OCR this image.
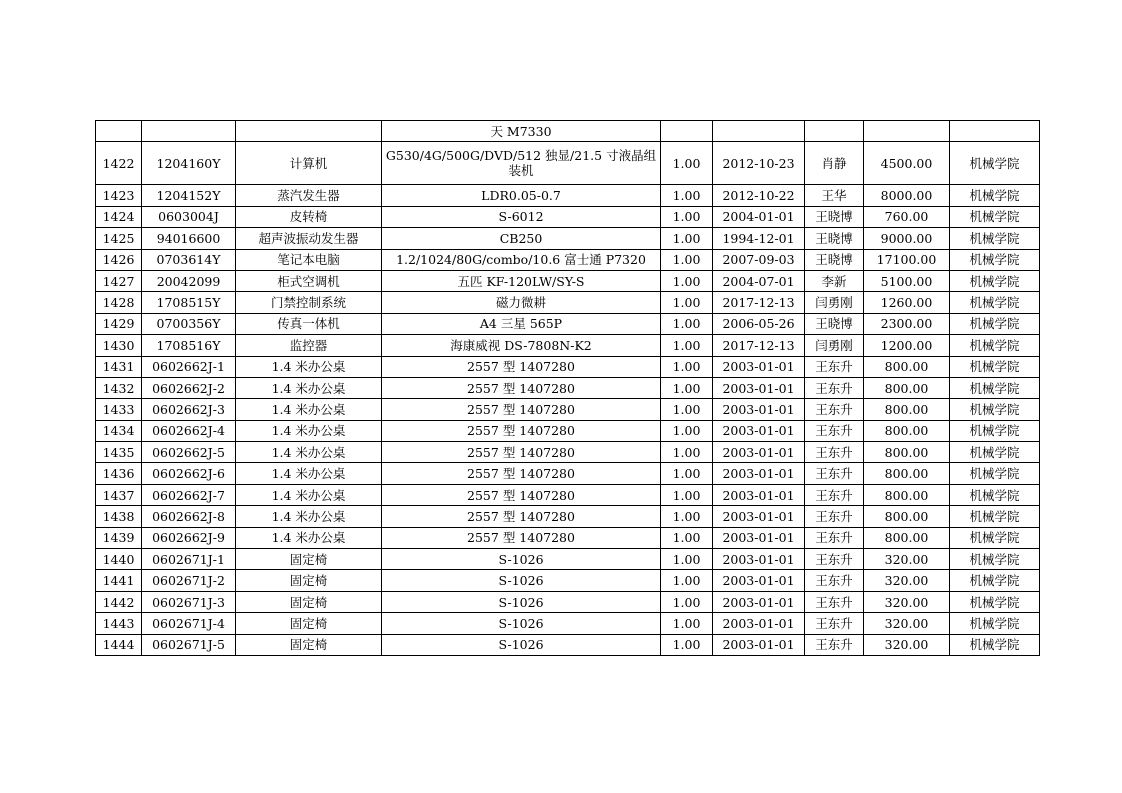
			天 M7330					
1422	1204160Y	计算机	G530/4G/500G/DVD/512 独显/21.5 寸液晶组装机	1.00	2012-10-23	肖静	4500.00	机械学院
1423	1204152Y	蒸汽发生器	LDR0.05-0.7	1.00	2012-10-22	王华	8000.00	机械学院
1424	0603004J	皮转椅	S-6012	1.00	2004-01-01	王晓博	760.00	机械学院
1425	94016600	超声波振动发生器	CB250	1.00	1994-12-01	王晓博	9000.00	机械学院
1426	0703614Y	笔记本电脑	1.2/1024/80G/combo/10.6 富士通 P7320	1.00	2007-09-03	王晓博	17100.00	机械学院
1427	20042099	柜式空调机	五匹 KF-120LW/SY-S	1.00	2004-07-01	李新	5100.00	机械学院
1428	1708515Y	门禁控制系统	磁力微耕	1.00	2017-12-13	闫勇刚	1260.00	机械学院
1429	0700356Y	传真一体机	A4 三星 565P	1.00	2006-05-26	王晓博	2300.00	机械学院
1430	1708516Y	监控器	海康威视 DS-7808N-K2	1.00	2017-12-13	闫勇刚	1200.00	机械学院
1431	0602662J-1	1.4 米办公桌	2557 型 1407280	1.00	2003-01-01	王东升	800.00	机械学院
1432	0602662J-2	1.4 米办公桌	2557 型 1407280	1.00	2003-01-01	王东升	800.00	机械学院
1433	0602662J-3	1.4 米办公桌	2557 型 1407280	1.00	2003-01-01	王东升	800.00	机械学院
1434	0602662J-4	1.4 米办公桌	2557 型 1407280	1.00	2003-01-01	王东升	800.00	机械学院
1435	0602662J-5	1.4 米办公桌	2557 型 1407280	1.00	2003-01-01	王东升	800.00	机械学院
1436	0602662J-6	1.4 米办公桌	2557 型 1407280	1.00	2003-01-01	王东升	800.00	机械学院
1437	0602662J-7	1.4 米办公桌	2557 型 1407280	1.00	2003-01-01	王东升	800.00	机械学院
1438	0602662J-8	1.4 米办公桌	2557 型 1407280	1.00	2003-01-01	王东升	800.00	机械学院
1439	0602662J-9	1.4 米办公桌	2557 型 1407280	1.00	2003-01-01	王东升	800.00	机械学院
1440	0602671J-1	固定椅	S-1026	1.00	2003-01-01	王东升	320.00	机械学院
1441	0602671J-2	固定椅	S-1026	1.00	2003-01-01	王东升	320.00	机械学院
1442	0602671J-3	固定椅	S-1026	1.00	2003-01-01	王东升	320.00	机械学院
1443	0602671J-4	固定椅	S-1026	1.00	2003-01-01	王东升	320.00	机械学院
1444	0602671J-5	固定椅	S-1026	1.00	2003-01-01	王东升	320.00	机械学院
